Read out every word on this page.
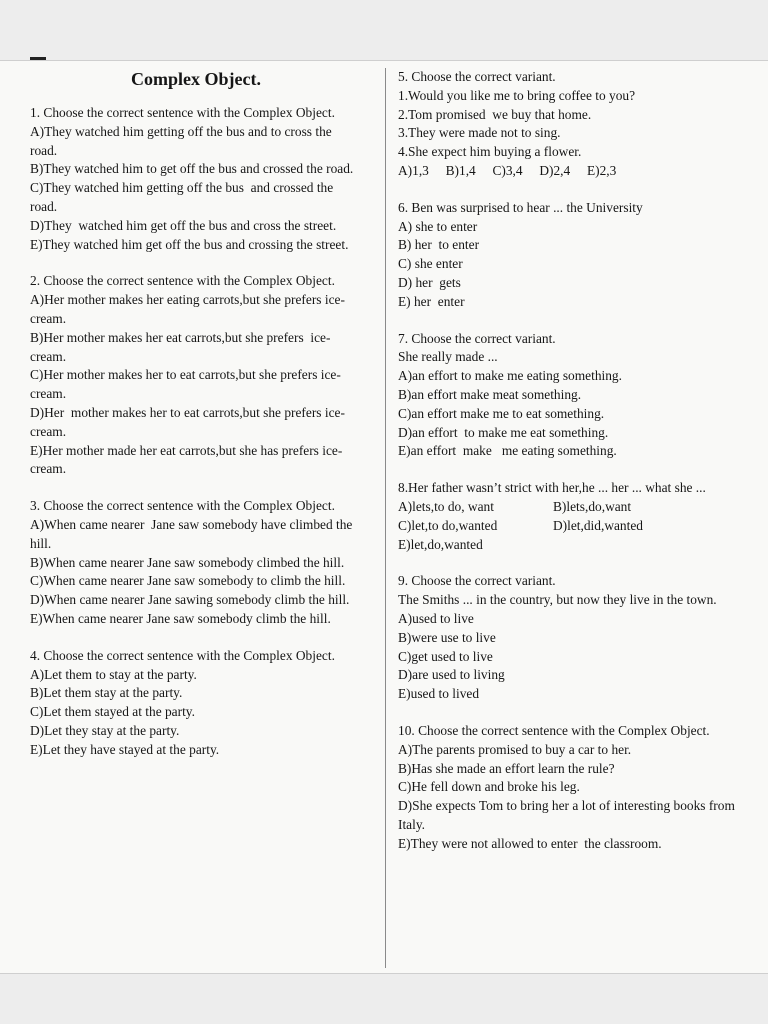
Complex Object.
1. Choose the correct sentence with the Complex Object.
A)They watched him getting off the bus and to cross the road.
B)They watched him to get off the bus and crossed the road.
C)They watched him getting off the bus  and crossed the road.
D)They  watched him get off the bus and cross the street.
E)They watched him get off the bus and crossing the street.
2. Choose the correct sentence with the Complex Object.
A)Her mother makes her eating carrots,but she prefers ice-cream.
B)Her mother makes her eat carrots,but she prefers  ice-cream.
C)Her mother makes her to eat carrots,but she prefers ice-cream.
D)Her  mother makes her to eat carrots,but she prefers ice-cream.
E)Her mother made her eat carrots,but she has prefers ice-cream.
3. Choose the correct sentence with the Complex Object.
A)When came nearer  Jane saw somebody have climbed the hill.
B)When came nearer Jane saw somebody climbed the hill.
C)When came nearer Jane saw somebody to climb the hill.
D)When came nearer Jane sawing somebody climb the hill.
E)When came nearer Jane saw somebody climb the hill.
4. Choose the correct sentence with the Complex Object.
A)Let them to stay at the party.
B)Let them stay at the party.
C)Let them stayed at the party.
D)Let they stay at the party.
E)Let they have stayed at the party.
5. Choose the correct variant.
1.Would you like me to bring coffee to you?
2.Tom promised  we buy that home.
3.They were made not to sing.
4.She expect him buying a flower.
A)1,3     B)1,4     C)3,4     D)2,4     E)2,3
6. Ben was surprised to hear ... the University
A) she to enter
B) her  to enter
C) she enter
D) her  gets
E) her  enter
7. Choose the correct variant.
She really made ...
A)an effort to make me eating something.
B)an effort make meat something.
C)an effort make me to eat something.
D)an effort  to make me eat something.
E)an effort  make   me eating something.
8.Her father wasn’t strict with her,he ... her ... what she ...
A)lets,to do, want	B)lets,do,want
C)let,to do,wanted	D)let,did,wanted
E)let,do,wanted
9. Choose the correct variant.
The Smiths ... in the country, but now they live in the town.
A)used to live
B)were use to live
C)get used to live
D)are used to living
E)used to lived
10. Choose the correct sentence with the Complex Object.
A)The parents promised to buy a car to her.
B)Has she made an effort learn the rule?
C)He fell down and broke his leg.
D)She expects Tom to bring her a lot of interesting books from Italy.
E)They were not allowed to enter  the classroom.
